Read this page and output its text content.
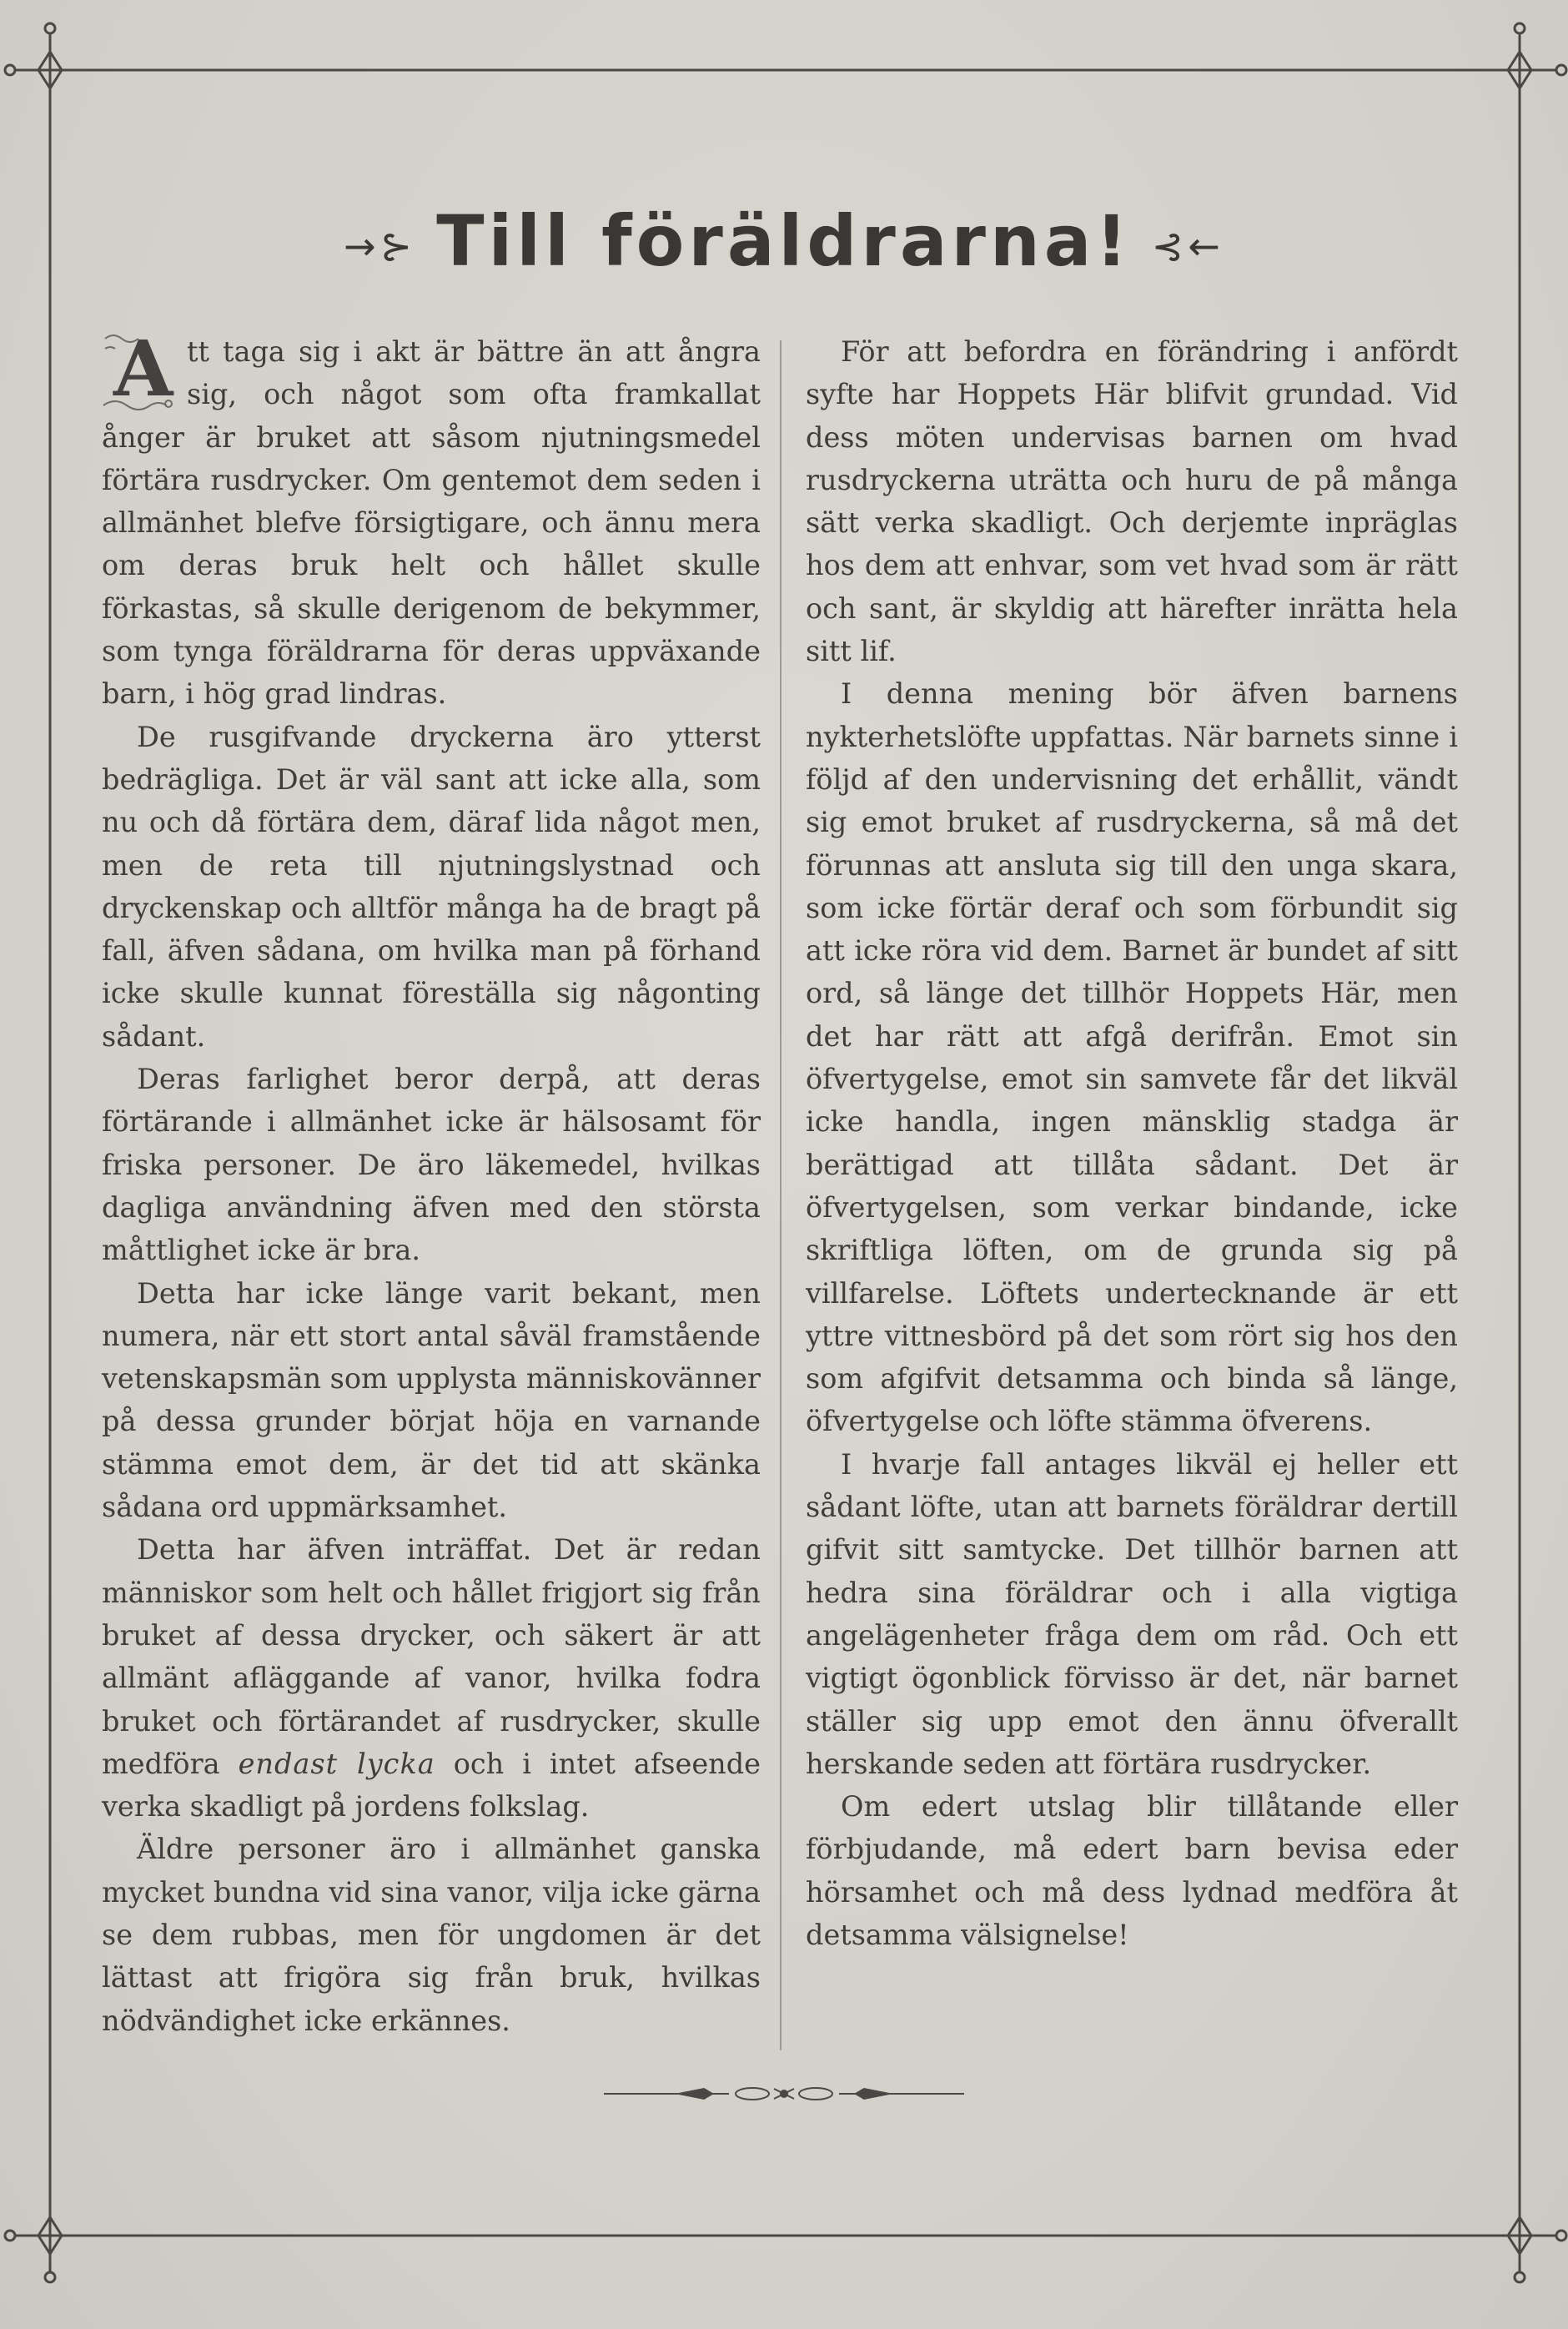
→⊱ Till föräldrarna! ⊰←

A tt taga sig i akt är bättre än att ångra sig, och något som ofta framkallat ånger är bruket att såsom njutningsmedel förtära rusdrycker. Om gentemot dem seden i allmänhet blefve försigtigare, och ännu mera om deras bruk helt och hållet skulle förkastas, så skulle derigenom de bekymmer, som tynga föräldrarna för deras uppväxande barn, i hög grad lindras.

De rusgifvande dryckerna äro ytterst bedrägliga. Det är väl sant att icke alla, som nu och då förtära dem, däraf lida något men, men de reta till njutningslystnad och dryckenskap och alltför många ha de bragt på fall, äfven sådana, om hvilka man på förhand icke skulle kunnat föreställa sig någonting sådant.

Deras farlighet beror derpå, att deras förtärande i allmänhet icke är hälsosamt för friska personer. De äro läkemedel, hvilkas dagliga användning äfven med den största måttlighet icke är bra.

Detta har icke länge varit bekant, men numera, när ett stort antal såväl framstående vetenskapsmän som upplysta människovänner på dessa grunder börjat höja en varnande stämma emot dem, är det tid att skänka sådana ord uppmärksamhet.

Detta har äfven inträffat. Det är redan människor som helt och hållet frigjort sig från bruket af dessa drycker, och säkert är att allmänt afläggande af vanor, hvilka fodra bruket och förtärandet af rusdrycker, skulle medföra endast lycka och i intet afseende verka skadligt på jordens folkslag.

Äldre personer äro i allmänhet ganska mycket bundna vid sina vanor, vilja icke gärna se dem rubbas, men för ungdomen är det lättast att frigöra sig från bruk, hvilkas nödvändighet icke erkännes.

För att befordra en förändring i anfördt syfte har Hoppets Här blifvit grundad. Vid dess möten undervisas barnen om hvad rusdryckerna uträtta och huru de på många sätt verka skadligt. Och derjemte inpräglas hos dem att enhvar, som vet hvad som är rätt och sant, är skyldig att härefter inrätta hela sitt lif.

I denna mening bör äfven barnens nykterhetslöfte uppfattas. När barnets sinne i följd af den undervisning det erhållit, vändt sig emot bruket af rusdryckerna, så må det förunnas att ansluta sig till den unga skara, som icke förtär deraf och som förbundit sig att icke röra vid dem. Barnet är bundet af sitt ord, så länge det tillhör Hoppets Här, men det har rätt att afgå derifrån. Emot sin öfvertygelse, emot sin samvete får det likväl icke handla, ingen mänsklig stadga är berättigad att tillåta sådant. Det är öfvertygelsen, som verkar bindande, icke skriftliga löften, om de grunda sig på villfarelse. Löftets undertecknande är ett yttre vittnesbörd på det som rört sig hos den som afgifvit detsamma och binda så länge, öfvertygelse och löfte stämma öfverens.

I hvarje fall antages likväl ej heller ett sådant löfte, utan att barnets föräldrar dertill gifvit sitt samtycke. Det tillhör barnen att hedra sina föräldrar och i alla vigtiga angelägenheter fråga dem om råd. Och ett vigtigt ögonblick förvisso är det, när barnet ställer sig upp emot den ännu öfverallt herskande seden att förtära rusdrycker.

Om edert utslag blir tillåtande eller förbjudande, må edert barn bevisa eder hörsamhet och må dess lydnad medföra åt detsamma välsignelse!
